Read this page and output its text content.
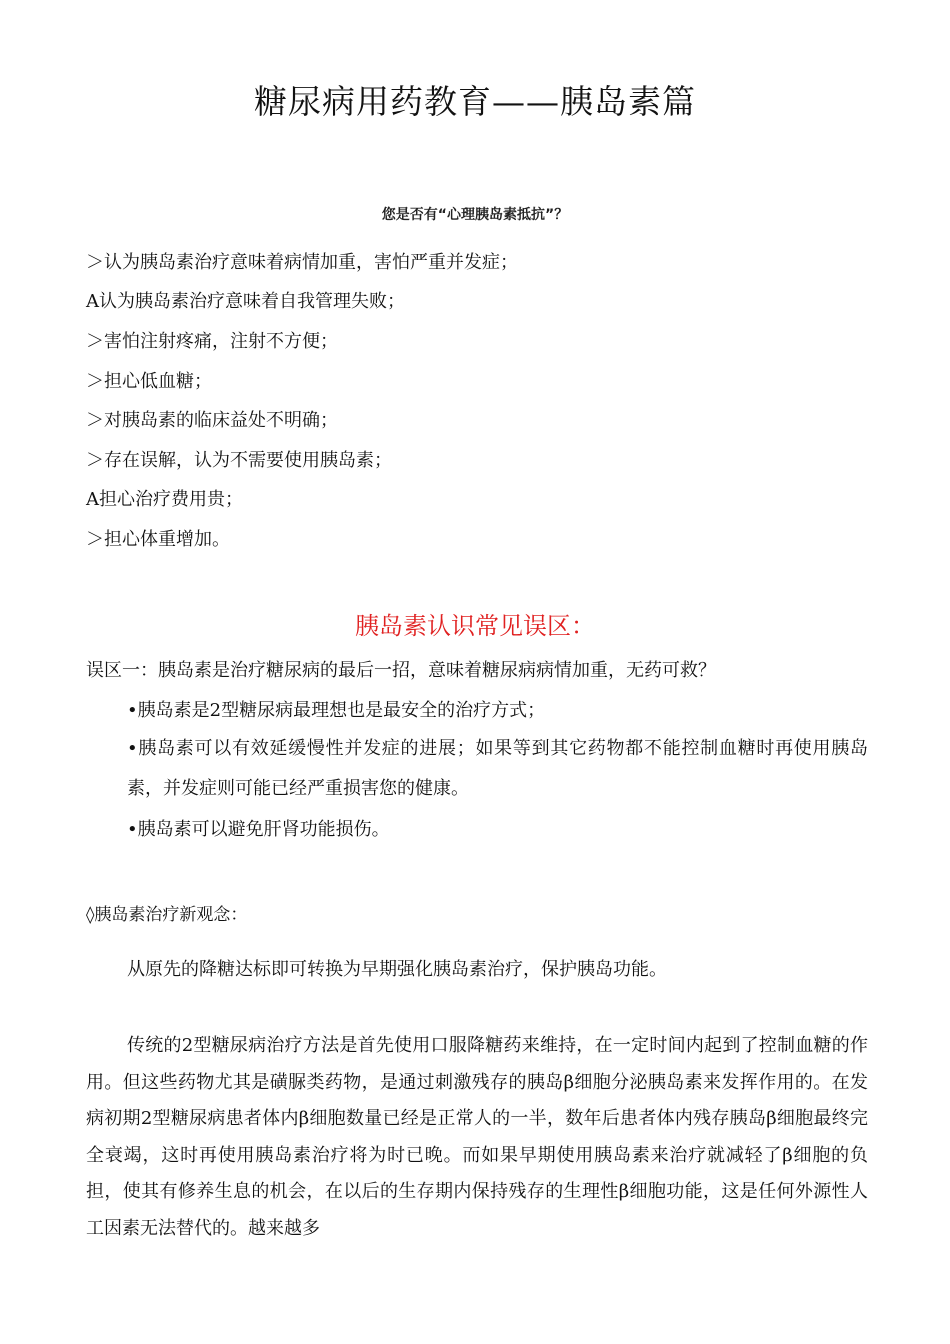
糖尿病用药教育——胰岛素篇
您是否有“心理胰岛素抵抗”？
＞认为胰岛素治疗意味着病情加重，害怕严重并发症；
A认为胰岛素治疗意味着自我管理失败；
＞害怕注射疼痛，注射不方便；
＞担心低血糖；
＞对胰岛素的临床益处不明确；
＞存在误解，认为不需要使用胰岛素；
A担心治疗费用贵；
＞担心体重增加。
胰岛素认识常见误区：
误区一：胰岛素是治疗糖尿病的最后一招，意味着糖尿病病情加重，无药可救？
•胰岛素是2型糖尿病最理想也是最安全的治疗方式；
•胰岛素可以有效延缓慢性并发症的进展；如果等到其它药物都不能控制血糖时再使用胰岛素，并发症则可能已经严重损害您的健康。
•胰岛素可以避免肝肾功能损伤。
◊胰岛素治疗新观念：
从原先的降糖达标即可转换为早期强化胰岛素治疗，保护胰岛功能。
传统的2型糖尿病治疗方法是首先使用口服降糖药来维持，在一定时间内起到了控制血糖的作用。但这些药物尤其是磺脲类药物，是通过刺激残存的胰岛β细胞分泌胰岛素来发挥作用的。在发病初期2型糖尿病患者体内β细胞数量已经是正常人的一半，数年后患者体内残存胰岛β细胞最终完全衰竭，这时再使用胰岛素治疗将为时已晚。而如果早期使用胰岛素来治疗就减轻了β细胞的负担，使其有修养生息的机会，在以后的生存期内保持残存的生理性β细胞功能，这是任何外源性人工因素无法替代的。越来越多
